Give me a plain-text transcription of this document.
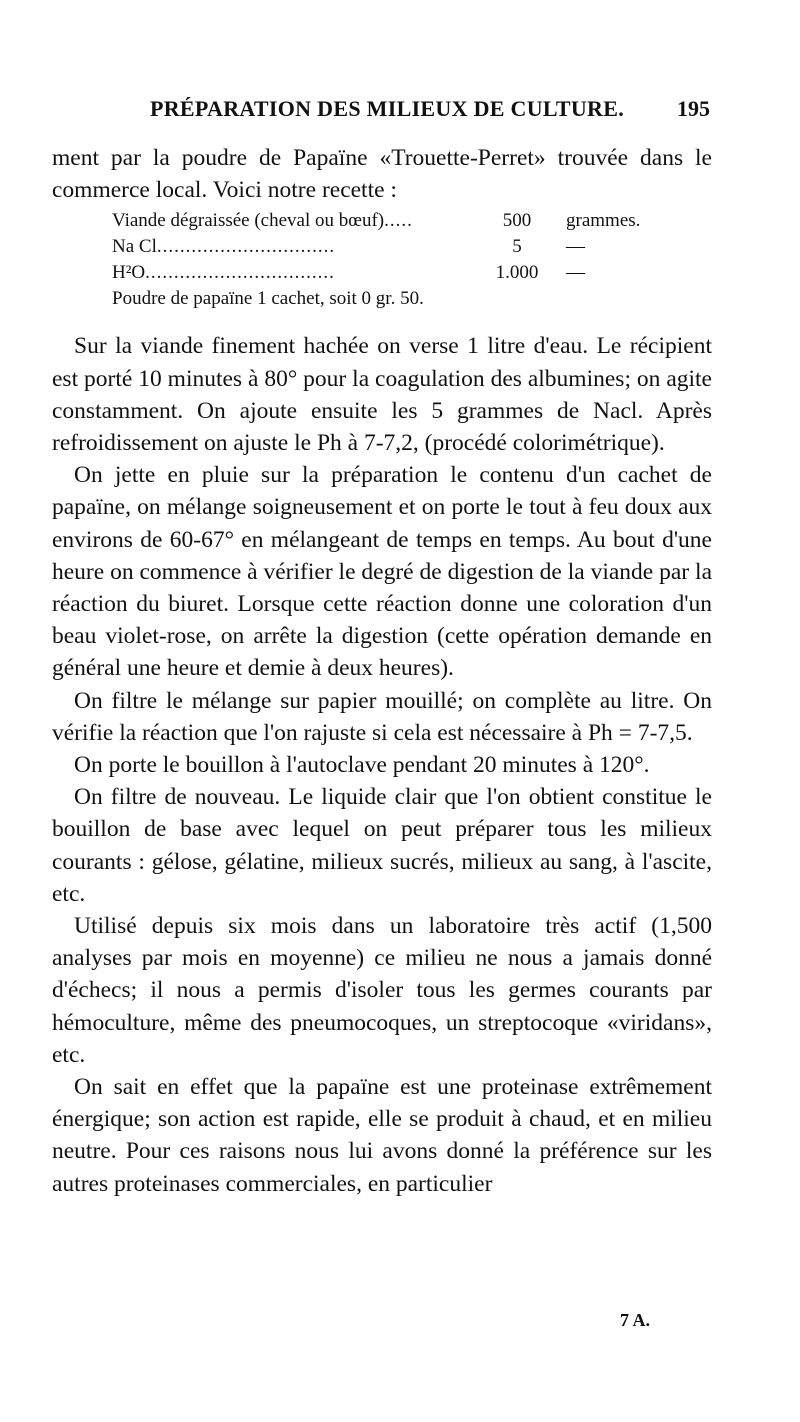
PRÉPARATION DES MILIEUX DE CULTURE. 195

ment par la poudre de Papaïne «Trouette-Perret» trouvée dans le commerce local. Voici notre recette :

Viande dégraissée (cheval ou bœuf).....	500	grammes.
Na Cl...............................	5	—
H²O.................................	1.000	—
Poudre de papaïne 1 cachet, soit 0 gr. 50.

Sur la viande finement hachée on verse 1 litre d'eau. Le récipient est porté 10 minutes à 80° pour la coagulation des albumines; on agite constamment. On ajoute ensuite les 5 grammes de Nacl. Après refroidissement on ajuste le Ph à 7-7,2, (procédé colorimétrique).

On jette en pluie sur la préparation le contenu d'un cachet de papaïne, on mélange soigneusement et on porte le tout à feu doux aux environs de 60-67° en mélangeant de temps en temps. Au bout d'une heure on commence à vérifier le degré de digestion de la viande par la réaction du biuret. Lorsque cette réaction donne une coloration d'un beau violet-rose, on arrête la digestion (cette opération demande en général une heure et demie à deux heures).

On filtre le mélange sur papier mouillé; on complète au litre. On vérifie la réaction que l'on rajuste si cela est nécessaire à Ph = 7-7,5.

On porte le bouillon à l'autoclave pendant 20 minutes à 120°.

On filtre de nouveau. Le liquide clair que l'on obtient constitue le bouillon de base avec lequel on peut préparer tous les milieux courants : gélose, gélatine, milieux sucrés, milieux au sang, à l'ascite, etc.

Utilisé depuis six mois dans un laboratoire très actif (1,500 analyses par mois en moyenne) ce milieu ne nous a jamais donné d'échecs; il nous a permis d'isoler tous les germes courants par hémoculture, même des pneumocoques, un streptocoque «viridans», etc.

On sait en effet que la papaïne est une proteinase extrêmement énergique; son action est rapide, elle se produit à chaud, et en milieu neutre. Pour ces raisons nous lui avons donné la préférence sur les autres proteinases commerciales, en particulier

7 A.
